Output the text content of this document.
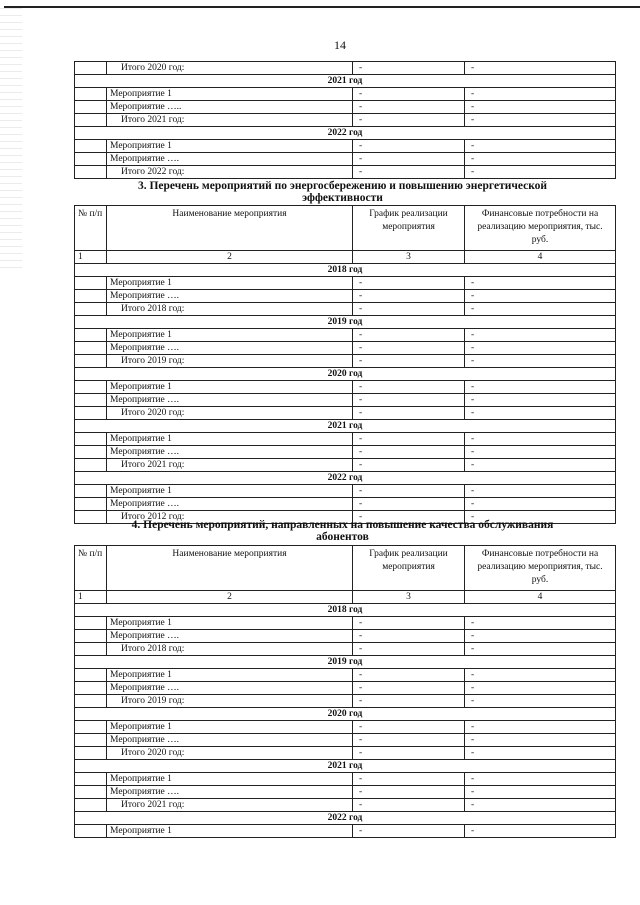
14
	Итого 2020 год:	-	-
2021 год			
	Мероприятие 1	-	-
	Мероприятие …..	-	-
	Итого 2021 год:	-	-
2022 год			
	Мероприятие 1	-	-
	Мероприятие ….	-	-
	Итого 2022 год:	-	-
3. Перечень мероприятий по энергосбережению и повышению энергетической
эффективности
№ п/п	Наименование мероприятия	График реализации мероприятия	Финансовые потребности на реализацию мероприятия, тыс. руб.
1	2	3	4
2018 год			
	Мероприятие 1	-	-
	Мероприятие ….	-	-
	Итого 2018 год:	-	-
2019 год			
	Мероприятие 1	-	-
	Мероприятие ….	-	-
	Итого 2019 год:	-	-
2020 год			
	Мероприятие 1	-	-
	Мероприятие ….	-	-
	Итого 2020 год:	-	-
2021 год			
	Мероприятие 1	-	-
	Мероприятие ….	-	-
	Итого 2021 год:	-	-
2022 год			
	Мероприятие 1	-	-
	Мероприятие ….	-	-
	Итого 2012 год:	-	-
4. Перечень мероприятий, направленных на повышение качества обслуживания
абонентов
№ п/п	Наименование мероприятия	График реализации мероприятия	Финансовые потребности на реализацию мероприятия, тыс. руб.
1	2	3	4
2018 год			
	Мероприятие 1	-	-
	Мероприятие ….	-	-
	Итого 2018 год:	-	-
2019 год			
	Мероприятие 1	-	-
	Мероприятие ….	-	-
	Итого 2019 год:	-	-
2020 год			
	Мероприятие 1	-	-
	Мероприятие ….	-	-
	Итого 2020 год:	-	-
2021 год			
	Мероприятие 1	-	-
	Мероприятие ….	-	-
	Итого 2021 год:	-	-
2022 год			
	Мероприятие 1	-	-
